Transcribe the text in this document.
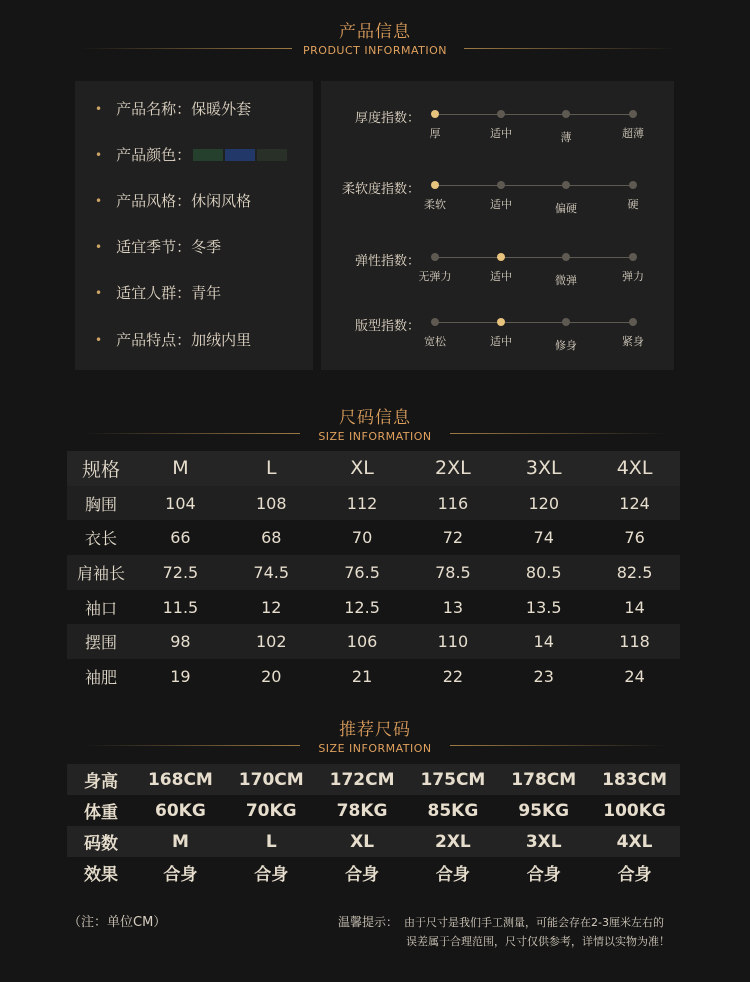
产品信息
PRODUCT INFORMATION
• 产品名称： 保暖外套
• 产品颜色：
• 产品风格： 休闲风格
• 适宜季节： 冬季
• 适宜人群： 青年
• 产品特点： 加绒内里
厚度指数：
厚	适中	薄	超薄
柔软度指数：
柔软	适中	偏硬	硬
弹性指数：
无弹力	适中	微弹	弹力
版型指数：
宽松	适中	修身	紧身
尺码信息
SIZE INFORMATION
规格	M	L	XL	2XL	3XL	4XL
胸围	104	108	112	116	120	124
衣长	66	68	70	72	74	76
肩袖长	72.5	74.5	76.5	78.5	80.5	82.5
袖口	11.5	12	12.5	13	13.5	14
摆围	98	102	106	110	14	118
袖肥	19	20	21	22	23	24
推荐尺码
SIZE INFORMATION
身高	168CM	170CM	172CM	175CM	178CM	183CM
体重	60KG	70KG	78KG	85KG	95KG	100KG
码数	M	L	XL	2XL	3XL	4XL
效果	合身	合身	合身	合身	合身	合身
（注：单位CM）	温馨提示： 由于尺寸是我们手工测量，可能会存在2-3厘米左右的
误差属于合理范围，尺寸仅供参考，详情以实物为准！
